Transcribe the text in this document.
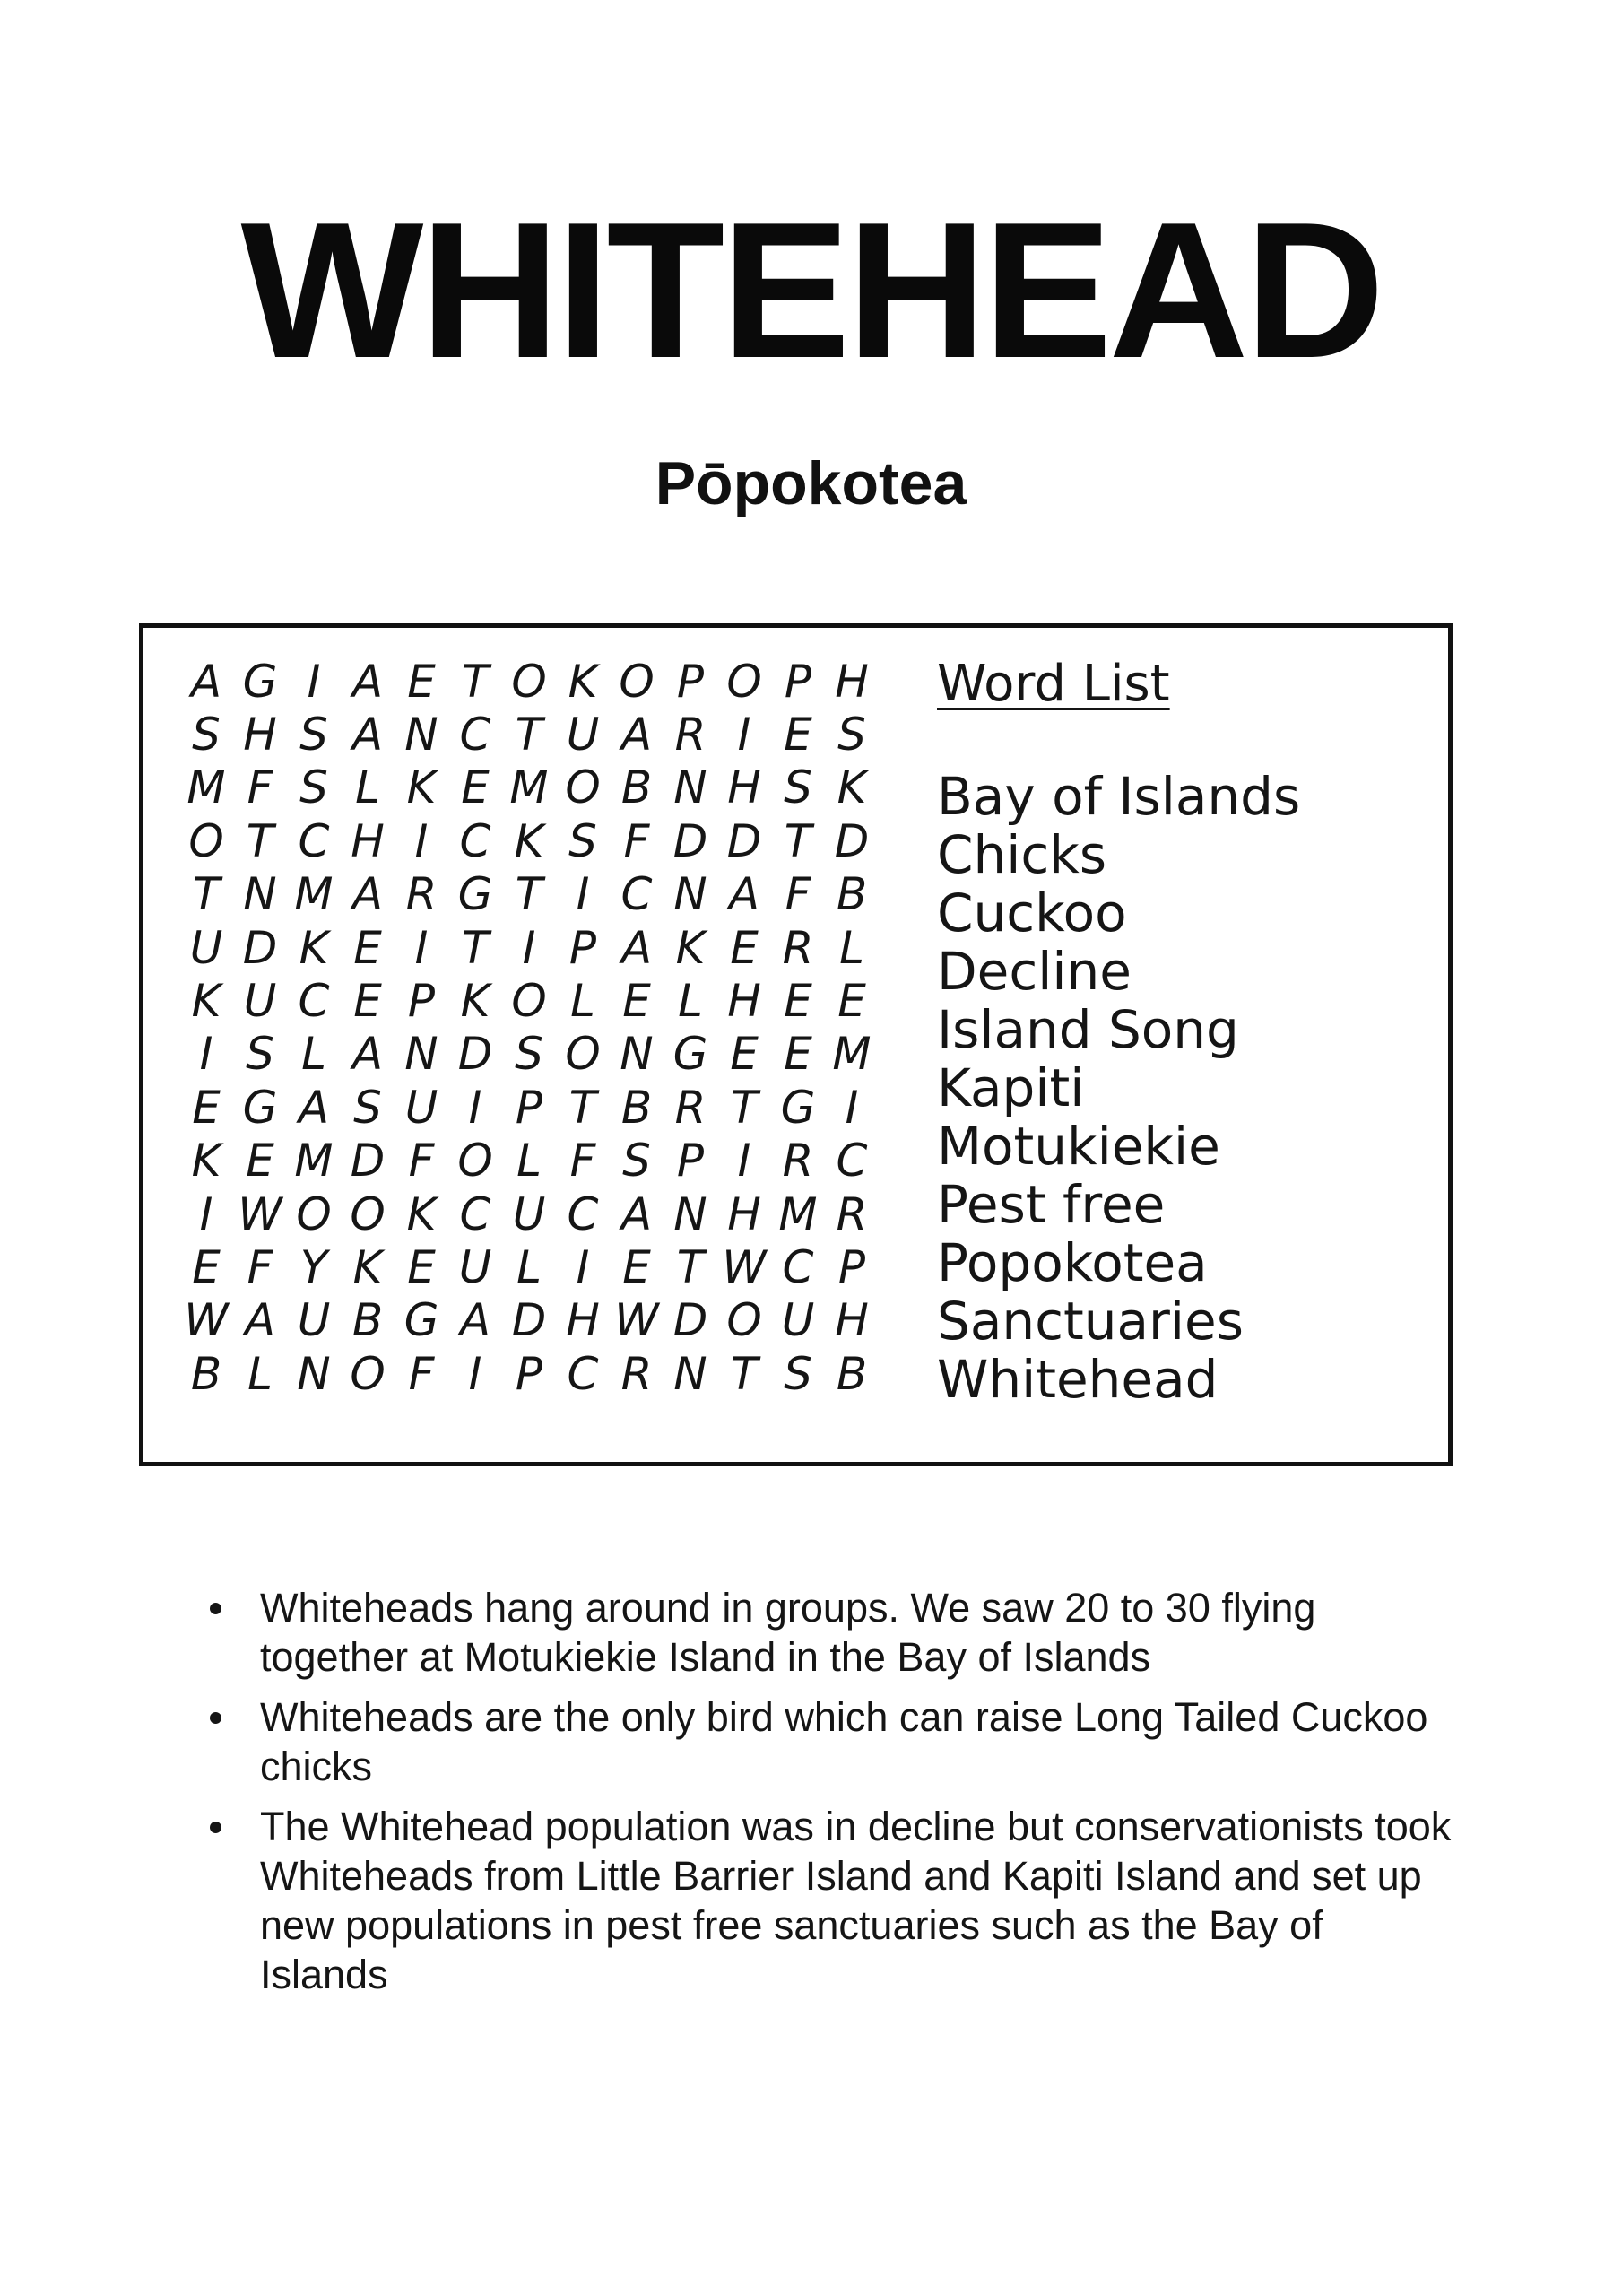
WHITEHEAD
Pōpokotea
A G I A E T O K O P O P H
S H S A N C T U A R I E S
M F S L K E M O B N H S K
O T C H I C K S F D D T D
T N M A R G T I C N A F B
U D K E I T I P A K E R L
K U C E P K O L E L H E E
I S L A N D S O N G E E M
E G A S U I P T B R T G I
K E M D F O L F S P I R C
I W O O K C U C A N H M R
E F Y K E U L I E T W C P
W A U B G A D H W D O U H
B L N O F I P C R N T S B
Word List
Bay of Islands
Chicks
Cuckoo
Decline
Island Song
Kapiti
Motukiekie
Pest free
Popokotea
Sanctuaries
Whitehead
Whiteheads hang around in groups. We saw 20 to 30 flying together at Motukiekie Island in the Bay of Islands
Whiteheads are the only bird which can raise Long Tailed Cuckoo chicks
The Whitehead population was in decline but conservationists took Whiteheads from Little Barrier Island and Kapiti Island and set up new populations in pest free sanctuaries such as the Bay of Islands
